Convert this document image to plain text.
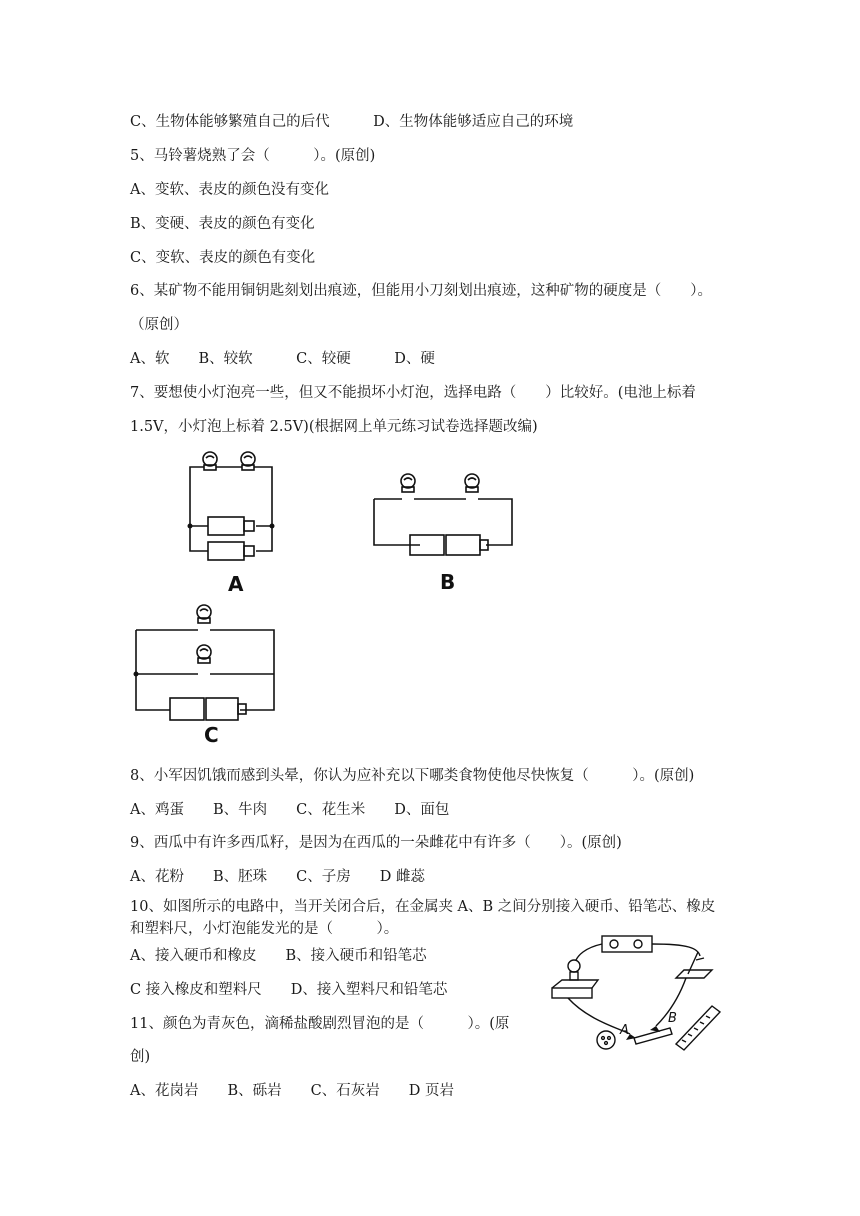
C、生物体能够繁殖自己的后代　　　D、生物体能够适应自己的环境
5、马铃薯烧熟了会（　　　）。(原创)
A、变软、表皮的颜色没有变化
B、变硬、表皮的颜色有变化
C、变软、表皮的颜色有变化
6、某矿物不能用铜钥匙刻划出痕迹，但能用小刀刻划出痕迹，这种矿物的硬度是（　　）。
（原创）
A、软　　B、较软　　　C、较硬　　　D、硬
7、要想使小灯泡亮一些，但又不能损坏小灯泡，选择电路（　　）比较好。(电池上标着
1.5V，小灯泡上标着 2.5V)(根据网上单元练习试卷选择题改编)
8、小军因饥饿而感到头晕，你认为应补充以下哪类食物使他尽快恢复（　　　）。(原创)
A、鸡蛋　　B、牛肉　　C、花生米　　D、面包
9、西瓜中有许多西瓜籽，是因为在西瓜的一朵雌花中有许多（　　）。(原创)
A、花粉　　B、胚珠　　C、子房　　D 雌蕊
10、如图所示的电路中，当开关闭合后，在金属夹 A、B 之间分别接入硬币、铅笔芯、橡皮
和塑料尺，小灯泡能发光的是（　　　）。
A、接入硬币和橡皮　　B、接入硬币和铅笔芯
C 接入橡皮和塑料尺　　D、接入塑料尺和铅笔芯
11、颜色为青灰色，滴稀盐酸剧烈冒泡的是（　　　）。(原
创)
A、花岗岩　　B、砾岩　　C、石灰岩　　D 页岩
A	B
C
A
B
